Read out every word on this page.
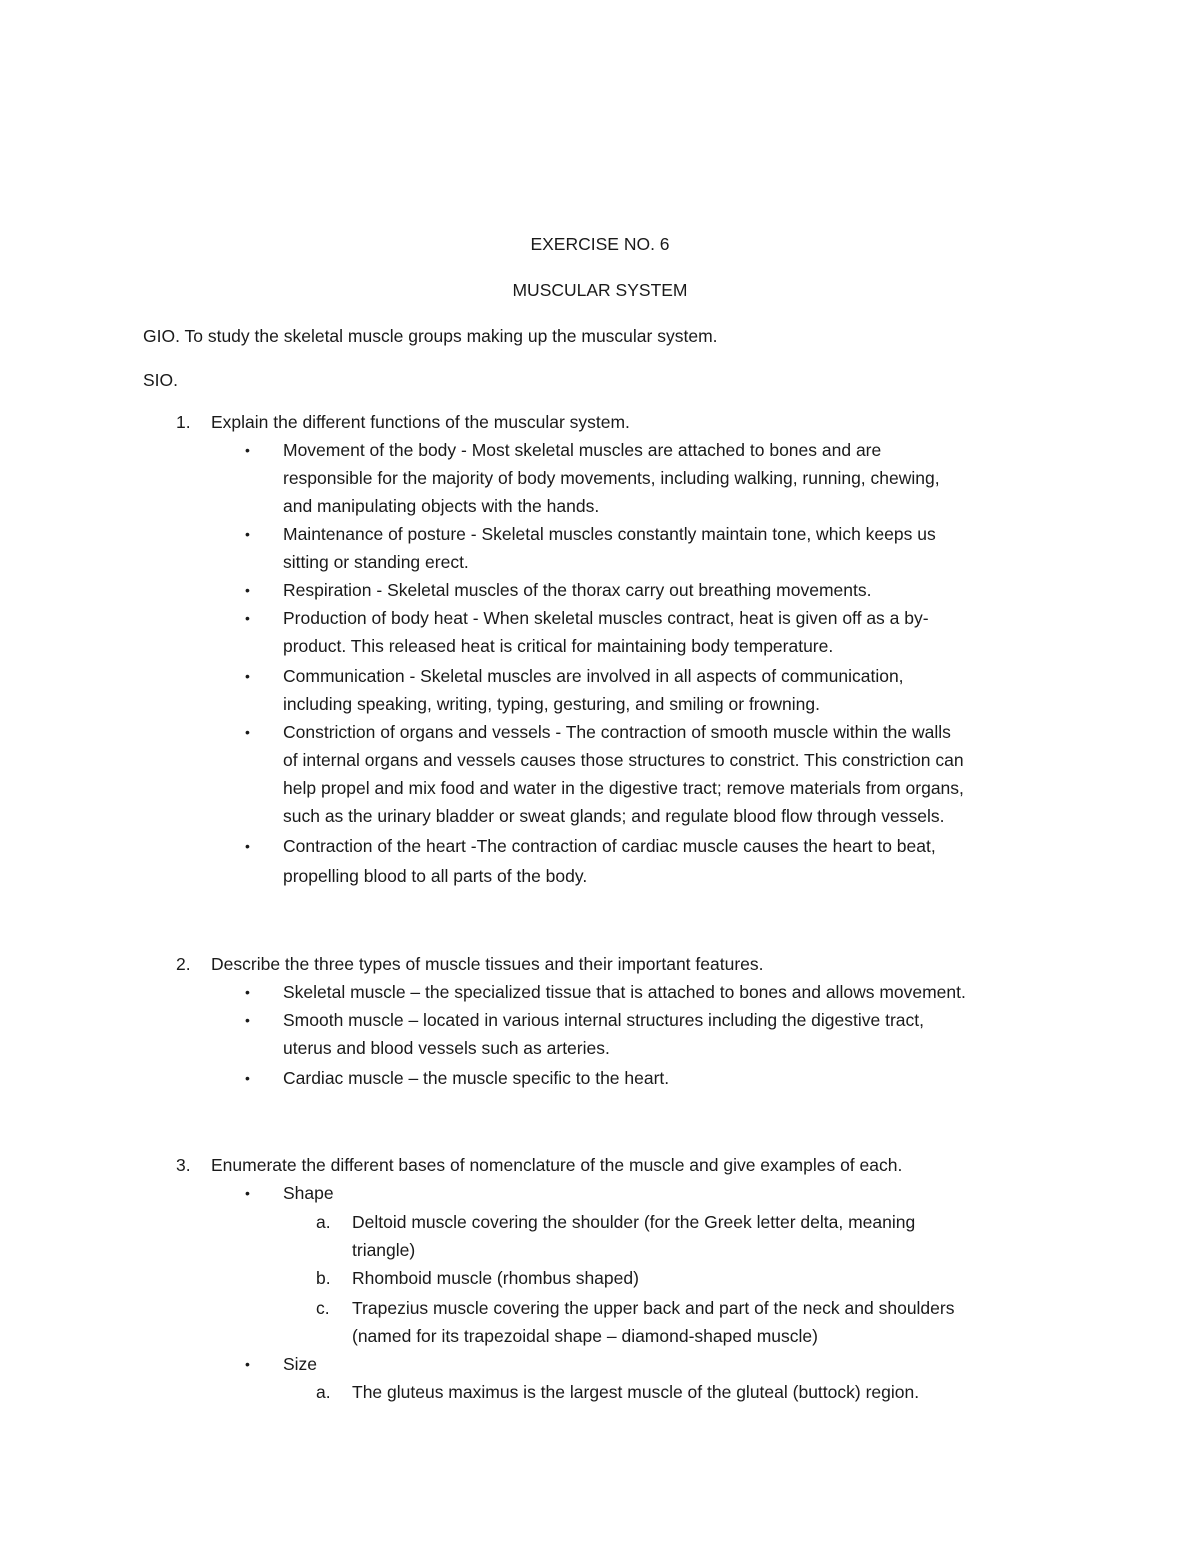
EXERCISE NO. 6
MUSCULAR SYSTEM
GIO. To study the skeletal muscle groups making up the muscular system.
SIO.
1. Explain the different functions of the muscular system.
• Movement of the body - Most skeletal muscles are attached to bones and are
responsible for the majority of body movements, including walking, running, chewing,
and manipulating objects with the hands.
• Maintenance of posture - Skeletal muscles constantly maintain tone, which keeps us
sitting or standing erect.
• Respiration - Skeletal muscles of the thorax carry out breathing movements.
• Production of body heat - When skeletal muscles contract, heat is given off as a by-
product. This released heat is critical for maintaining body temperature.
• Communication - Skeletal muscles are involved in all aspects of communication,
including speaking, writing, typing, gesturing, and smiling or frowning.
• Constriction of organs and vessels - The contraction of smooth muscle within the walls
of internal organs and vessels causes those structures to constrict. This constriction can
help propel and mix food and water in the digestive tract; remove materials from organs,
such as the urinary bladder or sweat glands; and regulate blood flow through vessels.
• Contraction of the heart -The contraction of cardiac muscle causes the heart to beat,
propelling blood to all parts of the body.
2. Describe the three types of muscle tissues and their important features.
• Skeletal muscle – the specialized tissue that is attached to bones and allows movement.
• Smooth muscle – located in various internal structures including the digestive tract,
uterus and blood vessels such as arteries.
• Cardiac muscle – the muscle specific to the heart.
3. Enumerate the different bases of nomenclature of the muscle and give examples of each.
• Shape
a. Deltoid muscle covering the shoulder (for the Greek letter delta, meaning
triangle)
b. Rhomboid muscle (rhombus shaped)
c. Trapezius muscle covering the upper back and part of the neck and shoulders
(named for its trapezoidal shape – diamond-shaped muscle)
• Size
a. The gluteus maximus is the largest muscle of the gluteal (buttock) region.
